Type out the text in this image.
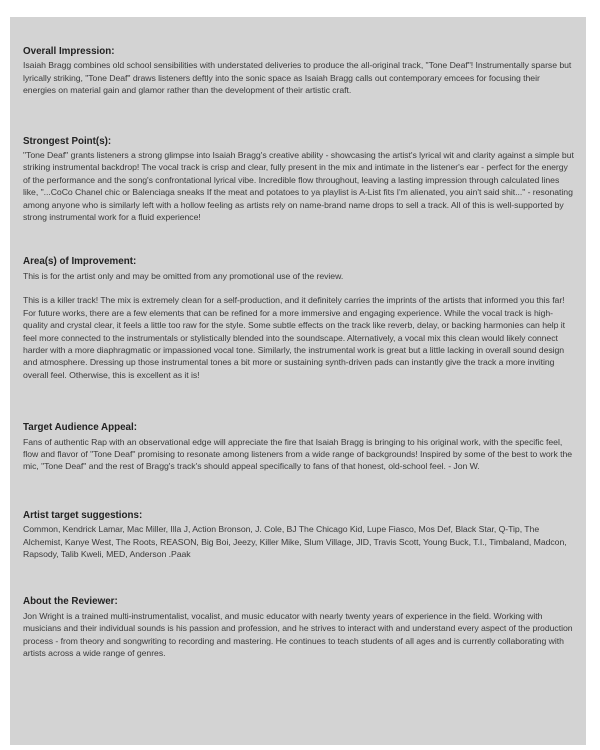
Overall Impression:

Isaiah Bragg combines old school sensibilities with understated deliveries to produce the all-original track, "Tone Deaf"! Instrumentally sparse but lyrically striking, "Tone Deaf" draws listeners deftly into the sonic space as Isaiah Bragg calls out contemporary emcees for focusing their energies on material gain and glamor rather than the development of their artistic craft.

Strongest Point(s):

"Tone Deaf" grants listeners a strong glimpse into Isaiah Bragg's creative ability - showcasing the artist's lyrical wit and clarity against a simple but striking instrumental backdrop! The vocal track is crisp and clear, fully present in the mix and intimate in the listener's ear - perfect for the energy of the performance and the song's confrontational lyrical vibe. Incredible flow throughout, leaving a lasting impression through calculated lines like, "...CoCo Chanel chic or Balenciaga sneaks If the meat and potatoes to ya playlist is A-List fits I'm alienated, you ain't said shit..." - resonating among anyone who is similarly left with a hollow feeling as artists rely on name-brand name drops to sell a track. All of this is well-supported by strong instrumental work for a fluid experience!

Area(s) of Improvement:

This is for the artist only and may be omitted from any promotional use of the review.

This is a killer track! The mix is extremely clean for a self-production, and it definitely carries the imprints of the artists that informed you this far! For future works, there are a few elements that can be refined for a more immersive and engaging experience. While the vocal track is high-quality and crystal clear, it feels a little too raw for the style. Some subtle effects on the track like reverb, delay, or backing harmonies can help it feel more connected to the instrumentals or stylistically blended into the soundscape. Alternatively, a vocal mix this clean would likely connect harder with a more diaphragmatic or impassioned vocal tone. Similarly, the instrumental work is great but a little lacking in overall sound design and atmosphere. Dressing up those instrumental tones a bit more or sustaining synth-driven pads can instantly give the track a more inviting overall feel. Otherwise, this is excellent as it is!

Target Audience Appeal:

Fans of authentic Rap with an observational edge will appreciate the fire that Isaiah Bragg is bringing to his original work, with the specific feel, flow and flavor of "Tone Deaf" promising to resonate among listeners from a wide range of backgrounds! Inspired by some of the best to work the mic, "Tone Deaf" and the rest of Bragg's track's should appeal specifically to fans of that honest, old-school feel. - Jon W.

Artist target suggestions:

Common, Kendrick Lamar, Mac Miller, Illa J, Action Bronson, J. Cole, BJ The Chicago Kid, Lupe Fiasco, Mos Def, Black Star, Q-Tip, The Alchemist, Kanye West, The Roots, REASON, Big Boi, Jeezy, Killer Mike, Slum Village, JID, Travis Scott, Young Buck, T.I., Timbaland, Madcon, Rapsody, Talib Kweli, MED, Anderson .Paak

About the Reviewer:

Jon Wright is a trained multi-instrumentalist, vocalist, and music educator with nearly twenty years of experience in the field. Working with musicians and their individual sounds is his passion and profession, and he strives to interact with and understand every aspect of the production process - from theory and songwriting to recording and mastering. He continues to teach students of all ages and is currently collaborating with artists across a wide range of genres.
